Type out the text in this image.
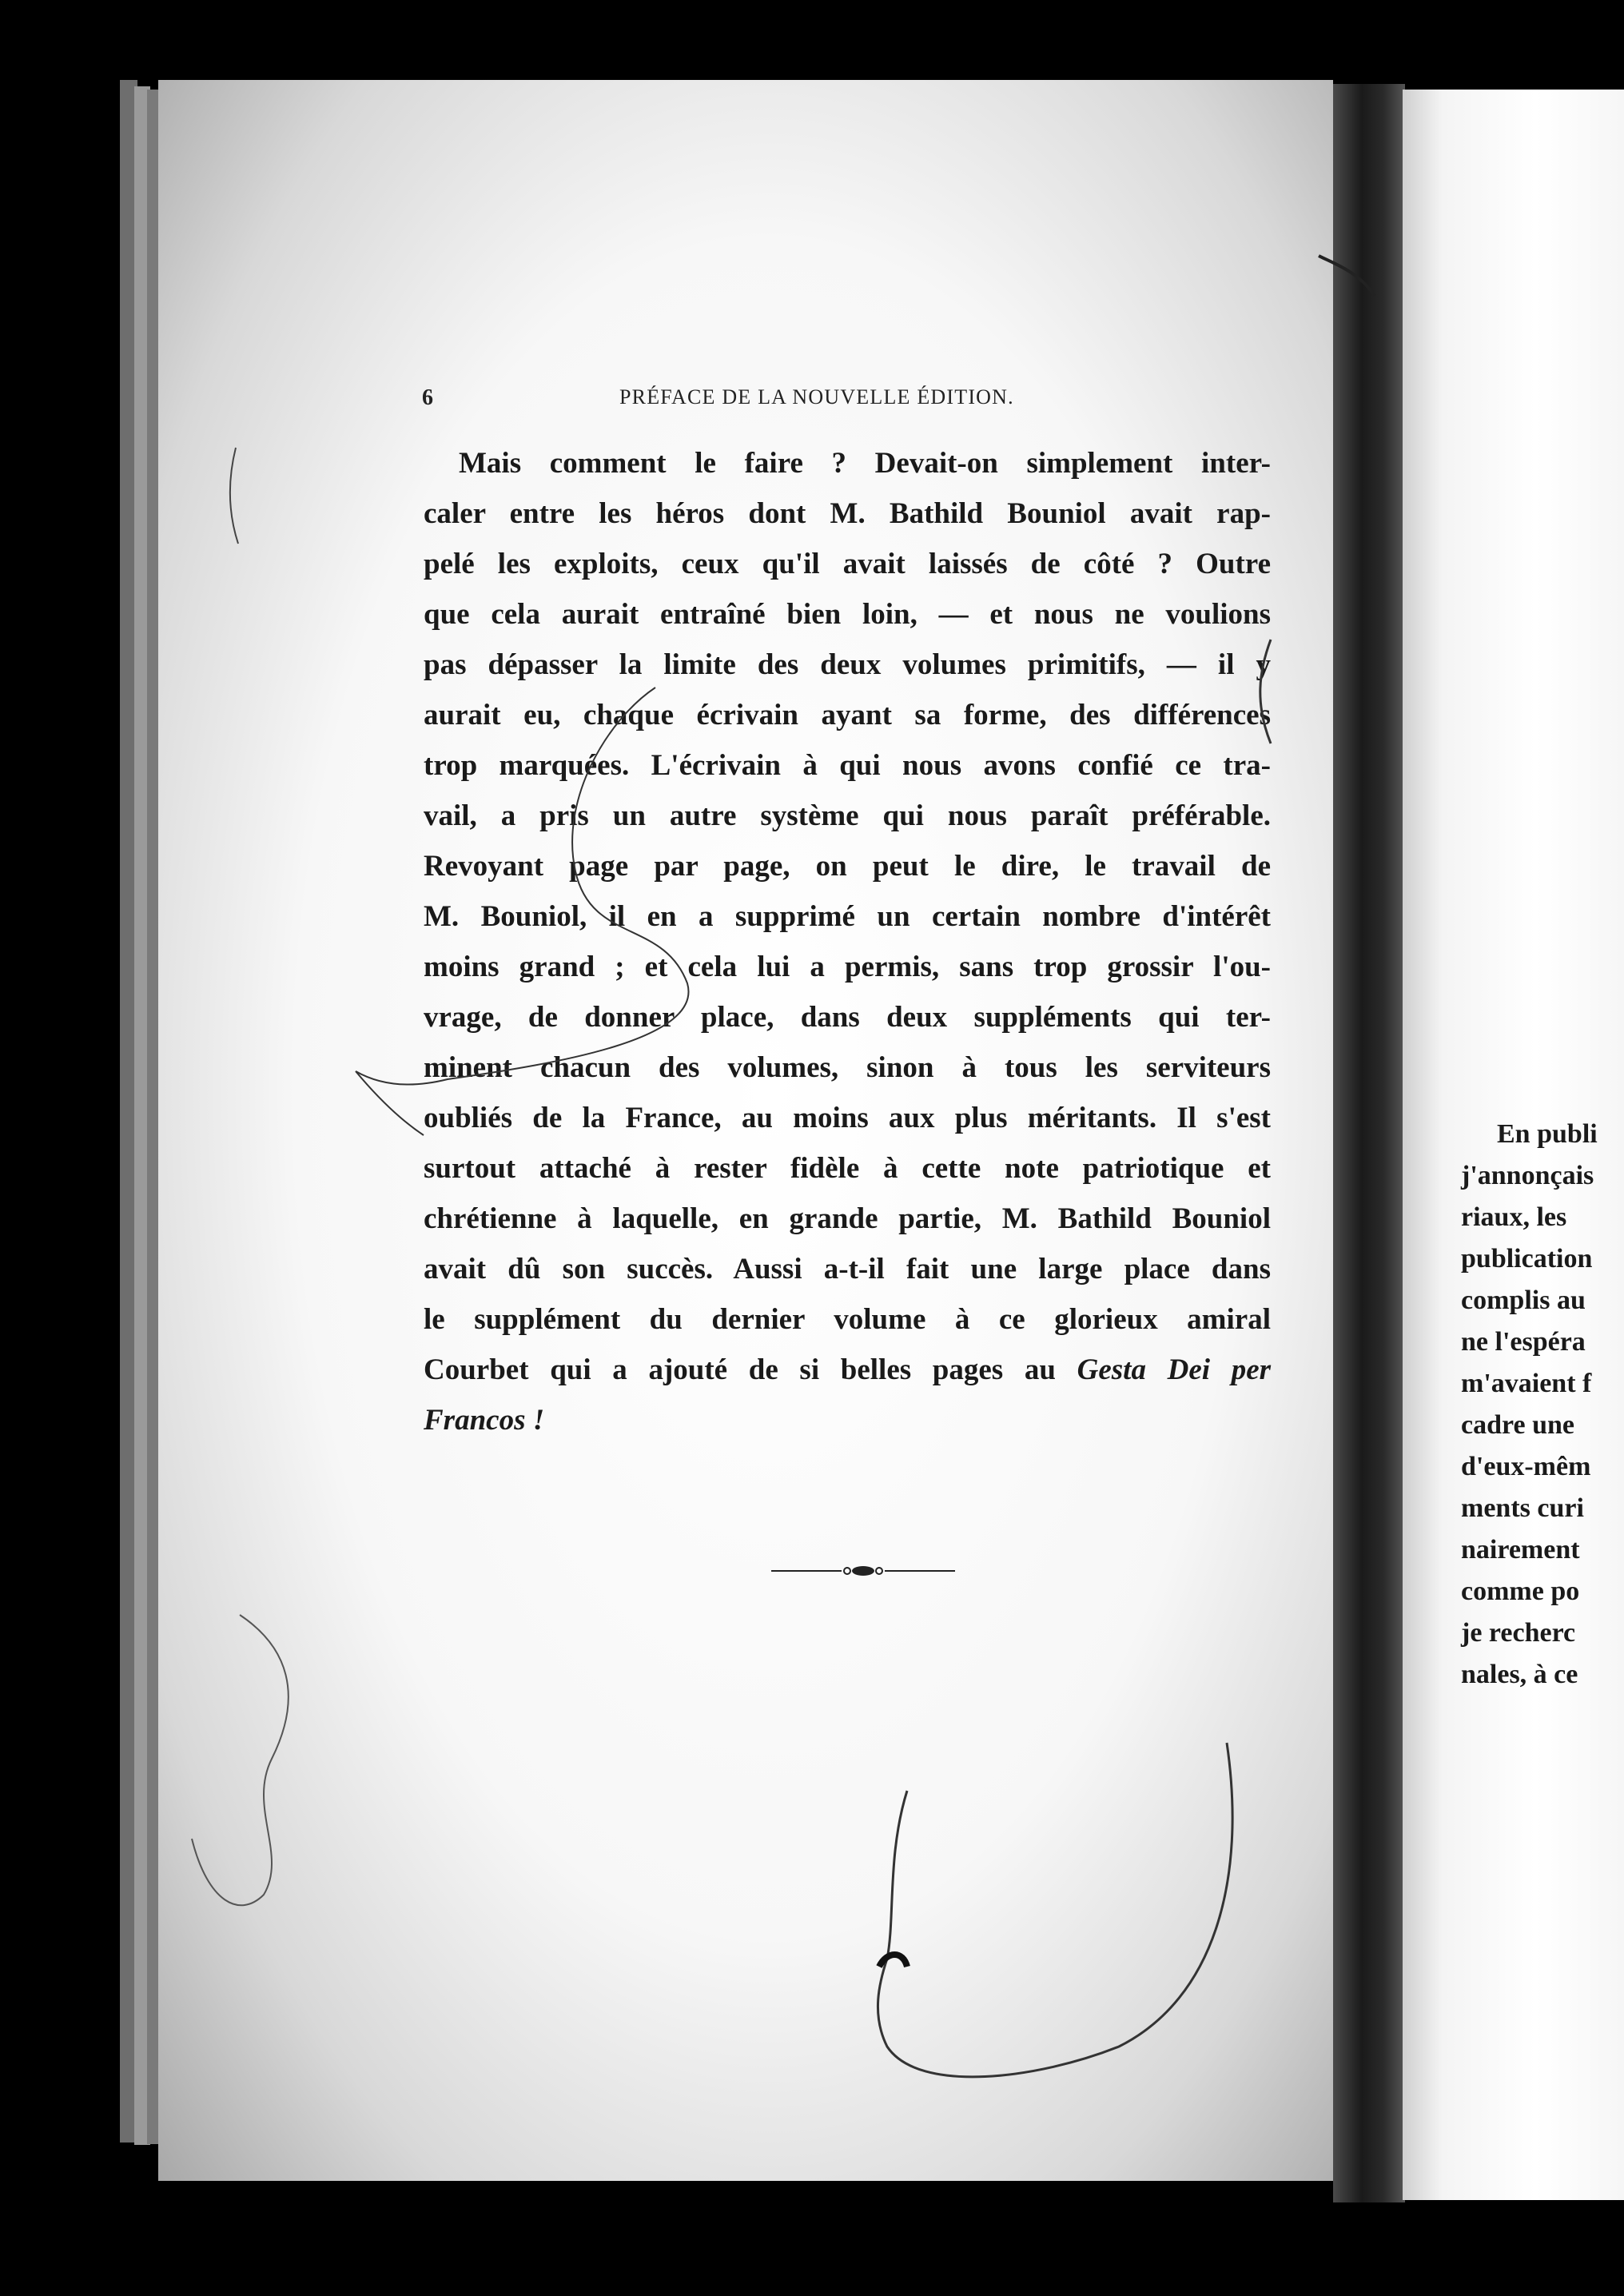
6	PRÉFACE DE LA NOUVELLE ÉDITION.
Mais comment le faire ? Devait-on simplement inter-
caler entre les héros dont M. Bathild Bouniol avait rap-
pelé les exploits, ceux qu'il avait laissés de côté ? Outre
que cela aurait entraîné bien loin, — et nous ne voulions
pas dépasser la limite des deux volumes primitifs, — il y
aurait eu, chaque écrivain ayant sa forme, des différences
trop marquées. L'écrivain à qui nous avons confié ce tra-
vail, a pris un autre système qui nous paraît préférable.
Revoyant page par page, on peut le dire, le travail de
M. Bouniol, il en a supprimé un certain nombre d'intérêt
moins grand ; et cela lui a permis, sans trop grossir l'ou-
vrage, de donner place, dans deux suppléments qui ter-
minent chacun des volumes, sinon à tous les serviteurs
oubliés de la France, au moins aux plus méritants. Il s'est
surtout attaché à rester fidèle à cette note patriotique et
chrétienne à laquelle, en grande partie, M. Bathild Bouniol
avait dû son succès. Aussi a-t-il fait une large place dans
le supplément du dernier volume à ce glorieux amiral
Courbet qui a ajouté de si belles pages au Gesta Dei per
Francos !
En publi
j'annonçais
riaux, les
publication
complis au
ne l'espéra
m'avaient f
cadre une
d'eux-mêm
ments curi
nairement
comme po
je recherc
nales, à ce
